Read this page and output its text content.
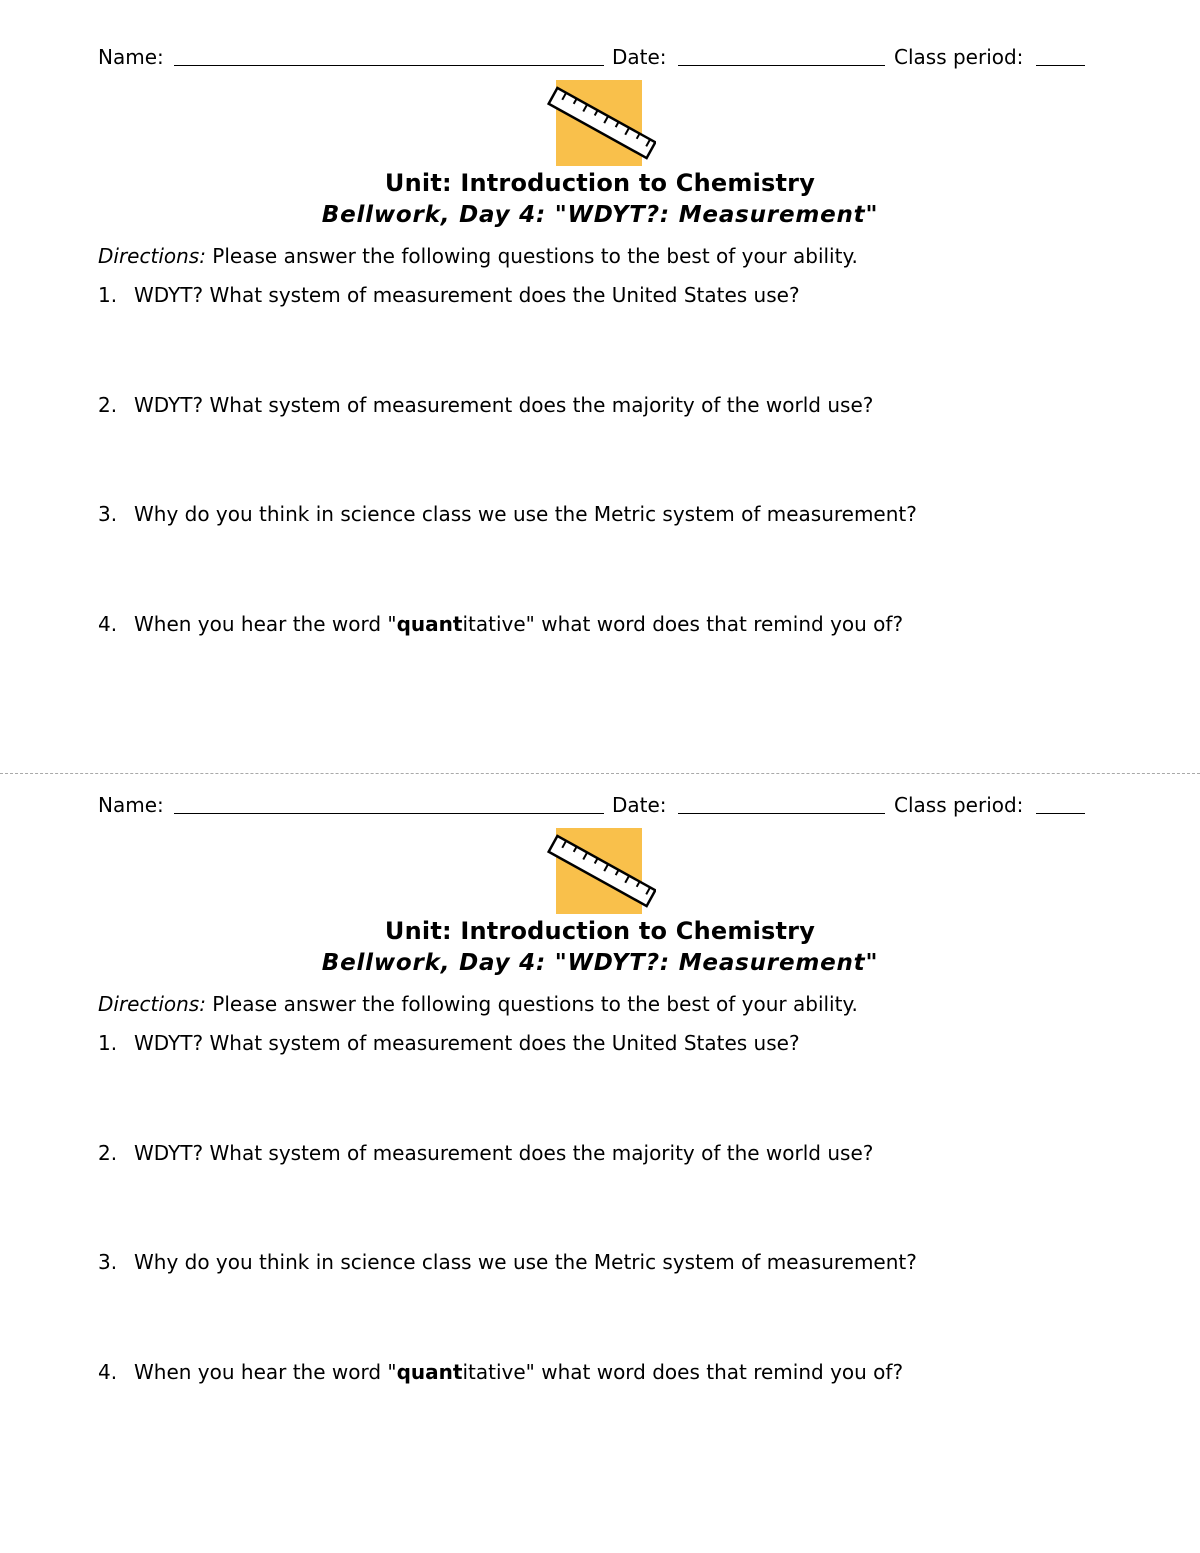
Name:	Date:	Class period:
Unit: Introduction to Chemistry
Bellwork, Day 4: "WDYT?: Measurement"
Directions: Please answer the following questions to the best of your ability.
1. WDYT? What system of measurement does the United States use?
2. WDYT? What system of measurement does the majority of the world use?
3. Why do you think in science class we use the Metric system of measurement?
4. When you hear the word "quantitative" what word does that remind you of?
Name:	Date:	Class period:
Unit: Introduction to Chemistry
Bellwork, Day 4: "WDYT?: Measurement"
Directions: Please answer the following questions to the best of your ability.
1. WDYT? What system of measurement does the United States use?
2. WDYT? What system of measurement does the majority of the world use?
3. Why do you think in science class we use the Metric system of measurement?
4. When you hear the word "quantitative" what word does that remind you of?
